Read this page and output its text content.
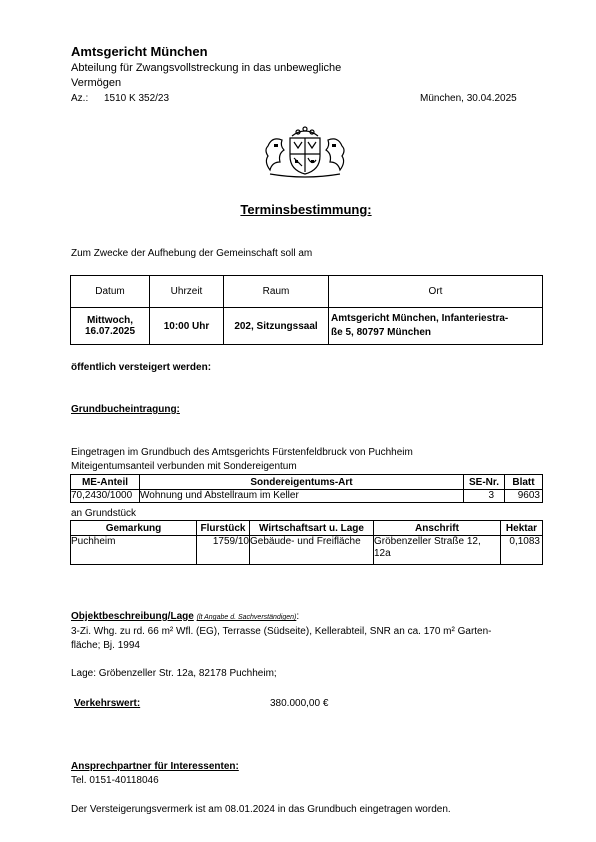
Amtsgericht München
Abteilung für Zwangsvollstreckung in das unbewegliche
Vermögen
Az.: 1510 K 352/23	München, 30.04.2025
Terminsbestimmung:
Zum Zwecke der Aufhebung der Gemeinschaft soll am
Datum	Uhrzeit	Raum	Ort
Mittwoch,
16.07.2025	10:00 Uhr	202, Sitzungssaal	Amtsgericht München, Infanteriestra-
ße 5, 80797 München
öffentlich versteigert werden:
Grundbucheintragung:
Eingetragen im Grundbuch des Amtsgerichts Fürstenfeldbruck von Puchheim
Miteigentumsanteil verbunden mit Sondereigentum
ME-Anteil	Sondereigentums-Art	SE-Nr.	Blatt
70,2430/1000	Wohnung und Abstellraum im Keller	3	9603
an Grundstück
Gemarkung	Flurstück	Wirtschaftsart u. Lage	Anschrift	Hektar
Puchheim	1759/10	Gebäude- und Freifläche	Gröbenzeller Straße 12,
12a	0,1083
Objektbeschreibung/Lage (lt Angabe d. Sachverständigen):
3-Zi. Whg. zu rd. 66 m² Wfl. (EG), Terrasse (Südseite), Kellerabteil, SNR an ca. 170 m² Garten-
fläche; Bj. 1994
Lage: Gröbenzeller Str. 12a, 82178 Puchheim;
Verkehrswert:	380.000,00 €
Ansprechpartner für Interessenten:
Tel. 0151-40118046
Der Versteigerungsvermerk ist am 08.01.2024 in das Grundbuch eingetragen worden.
